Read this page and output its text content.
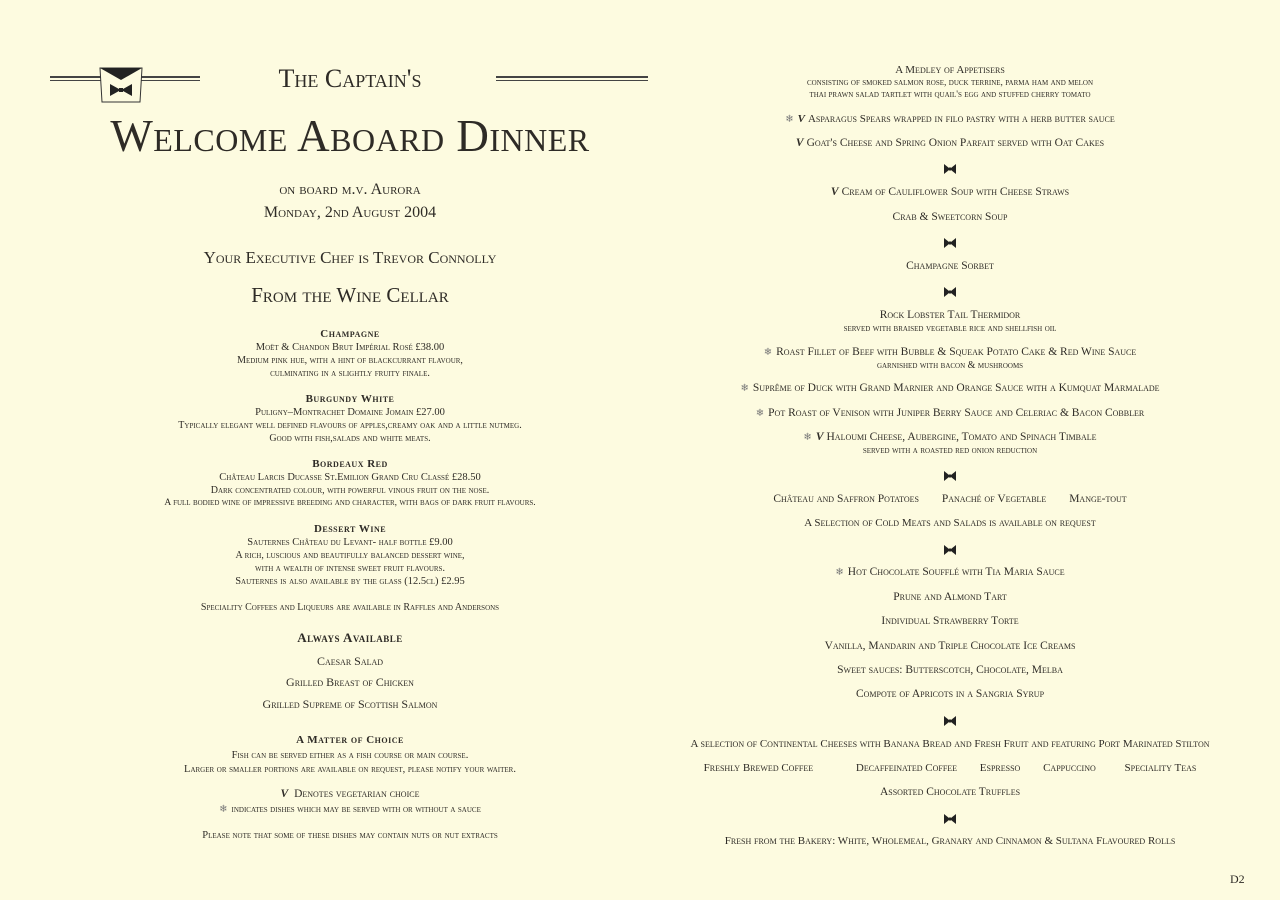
The Captain's
Welcome Aboard Dinner
on board m.v. Aurora
Monday, 2nd August 2004
Your Executive Chef is Trevor Connolly
From the Wine Cellar
Champagne
Moët & Chandon Brut Impérial Rosé £38.00
Medium pink hue, with a hint of blackcurrant flavour,
culminating in a slightly fruity finale.
Burgundy White
Puligny–Montrachet Domaine Jomain £27.00
Typically elegant well defined flavours of apples,creamy oak and a little nutmeg.
Good with fish,salads and white meats.
Bordeaux Red
Château Larcis Ducasse St.Emilion Grand Cru Classé £28.50
Dark concentrated colour, with powerful vinous fruit on the nose.
A full bodied wine of impressive breeding and character, with bags of dark fruit flavours.
Dessert Wine
Sauternes Château du Levant- half bottle £9.00
A rich, luscious and beautifully balanced dessert wine,
with a wealth of intense sweet fruit flavours.
Sauternes is also available by the glass (12.5cl) £2.95
Speciality Coffees and Liqueurs are available in Raffles and Andersons
Always Available
Caesar Salad
Grilled Breast of Chicken
Grilled Supreme of Scottish Salmon
A Matter of Choice
Fish can be served either as a fish course or main course.
Larger or smaller portions are available on request, please notify your waiter.
V Denotes vegetarian choice
❄ indicates dishes which may be served with or without a sauce
Please note that some of these dishes may contain nuts or nut extracts
A Medley of Appetisers
consisting of smoked salmon rose, duck terrine, parma ham and melon
thai prawn salad tartlet with quail's egg and stuffed cherry tomato
❄ V Asparagus Spears wrapped in filo pastry with a herb butter sauce
V Goat's Cheese and Spring Onion Parfait served with Oat Cakes
V Cream of Cauliflower Soup with Cheese Straws
Crab & Sweetcorn Soup
Champagne Sorbet
Rock Lobster Tail Thermidor
served with braised vegetable rice and shellfish oil
❄ Roast Fillet of Beef with Bubble & Squeak Potato Cake & Red Wine Sauce
garnished with bacon & mushrooms
❄ Suprême of Duck with Grand Marnier and Orange Sauce with a Kumquat Marmalade
❄ Pot Roast of Venison with Juniper Berry Sauce and Celeriac & Bacon Cobbler
❄ V Haloumi Cheese, Aubergine, Tomato and Spinach Timbale
served with a roasted red onion reduction
Château and Saffron Potatoes Panaché of Vegetable Mange-tout
A Selection of Cold Meats and Salads is available on request
❄ Hot Chocolate Soufflé with Tia Maria Sauce
Prune and Almond Tart
Individual Strawberry Torte
Vanilla, Mandarin and Triple Chocolate Ice Creams
Sweet sauces: Butterscotch, Chocolate, Melba
Compote of Apricots in a Sangria Syrup
A selection of Continental Cheeses with Banana Bread and Fresh Fruit and featuring Port Marinated Stilton
Freshly Brewed Coffee	Decaffeinated Coffee Espresso Cappuccino	Speciality Teas
Assorted Chocolate Truffles
Fresh from the Bakery: White, Wholemeal, Granary and Cinnamon & Sultana Flavoured Rolls
D2
